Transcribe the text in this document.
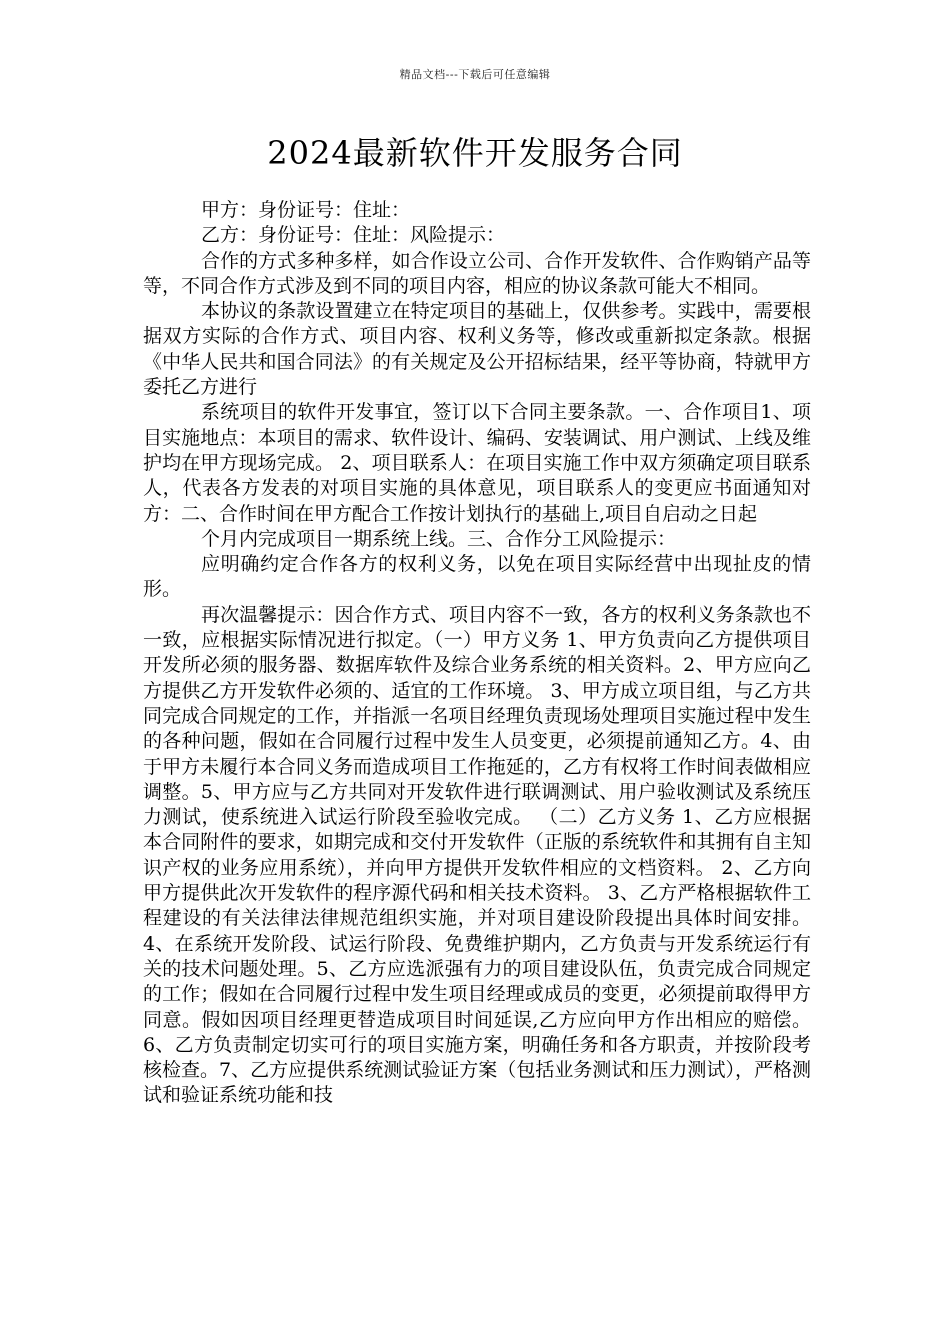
精品文档---下载后可任意编辑
2024最新软件开发服务合同

甲方：身份证号：住址：

乙方：身份证号：住址：风险提示：

合作的方式多种多样，如合作设立公司、合作开发软件、合作购销产品等等，不同合作方式涉及到不同的项目内容，相应的协议条款可能大不相同。

本协议的条款设置建立在特定项目的基础上，仅供参考。实践中，需要根据双方实际的合作方式、项目内容、权利义务等，修改或重新拟定条款。根据《中华人民共和国合同法》的有关规定及公开招标结果，经平等协商，特就甲方委托乙方进行

系统项目的软件开发事宜，签订以下合同主要条款。一、合作项目1、项目实施地点：本项目的需求、软件设计、编码、安装调试、用户测试、上线及维护均在甲方现场完成。 2、项目联系人：在项目实施工作中双方须确定项目联系人，代表各方发表的对项目实施的具体意见，项目联系人的变更应书面通知对方：二、合作时间在甲方配合工作按计划执行的基础上,项目自启动之日起

个月内完成项目一期系统上线。三、合作分工风险提示：

应明确约定合作各方的权利义务，以免在项目实际经营中出现扯皮的情形。

再次温馨提示：因合作方式、项目内容不一致，各方的权利义务条款也不一致，应根据实际情况进行拟定。（一）甲方义务 1、甲方负责向乙方提供项目开发所必须的服务器、数据库软件及综合业务系统的相关资料。2、甲方应向乙方提供乙方开发软件必须的、适宜的工作环境。 3、甲方成立项目组，与乙方共同完成合同规定的工作，并指派一名项目经理负责现场处理项目实施过程中发生的各种问题，假如在合同履行过程中发生人员变更，必须提前通知乙方。4、由于甲方未履行本合同义务而造成项目工作拖延的，乙方有权将工作时间表做相应调整。5、甲方应与乙方共同对开发软件进行联调测试、用户验收测试及系统压力测试，使系统进入试运行阶段至验收完成。 （二）乙方义务 1、乙方应根据本合同附件的要求，如期完成和交付开发软件（正版的系统软件和其拥有自主知识产权的业务应用系统），并向甲方提供开发软件相应的文档资料。 2、乙方向甲方提供此次开发软件的程序源代码和相关技术资料。 3、乙方严格根据软件工程建设的有关法律法律规范组织实施，并对项目建设阶段提出具体时间安排。4、在系统开发阶段、试运行阶段、免费维护期内，乙方负责与开发系统运行有关的技术问题处理。5、乙方应选派强有力的项目建设队伍，负责完成合同规定的工作；假如在合同履行过程中发生项目经理或成员的变更，必须提前取得甲方同意。假如因项目经理更替造成项目时间延误,乙方应向甲方作出相应的赔偿。 6、乙方负责制定切实可行的项目实施方案，明确任务和各方职责，并按阶段考核检查。7、乙方应提供系统测试验证方案（包括业务测试和压力测试），严格测试和验证系统功能和技
